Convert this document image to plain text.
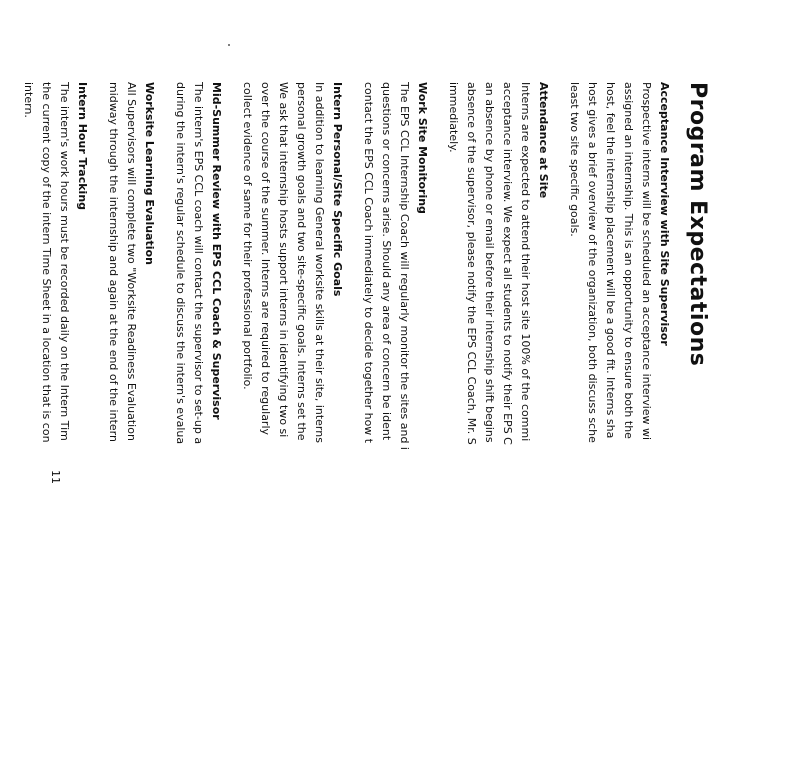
Program Expectations
Acceptance Interview with Site Supervisor
Prospective interns will be scheduled an acceptance interview wi
assigned an internship. This is an opportunity to ensure both the
host, feel the internship placement will be a good fit. Interns sha
host gives a brief overview of the organization, both discuss sche
least two site specific goals.
Attendance at Site
Interns are expected to attend their host site 100% of the commi
acceptance interview. We expect all students to notify their EPS C
an absence by phone or email before their internship shift begins
absence of the supervisor, please notify the EPS CCL Coach, Mr. S
immediately.
Work Site Monitoring
The EPS CCL Internship Coach will regularly monitor the sites and i
questions or concerns arise. Should any area of concern be ident
contact the EPS CCL Coach immediately to decide together how t
Intern Personal/Site Specific Goals
In addition to learning General worksite skills at their site, interns
personal growth goals and two site-specific goals. Interns set the
We ask that internship hosts support interns in identifying two si
over the course of the summer. Interns are required to regularly
collect evidence of same for their professional portfolio.
Mid-Summer Review with EPS CCL Coach & Supervisor
The intern's EPS CCL coach will contact the supervisor to set-up a
during the intern's regular schedule to discuss the intern's evalua
Worksite Learning Evaluation
All Supervisors will complete two "Worksite Readiness Evaluation
midway through the internship and again at the end of the intern
Intern Hour Tracking
The intern's work hours must be recorded daily on the Intern Tim
the current copy of the intern Time Sheet in a location that is con
intern.
11
